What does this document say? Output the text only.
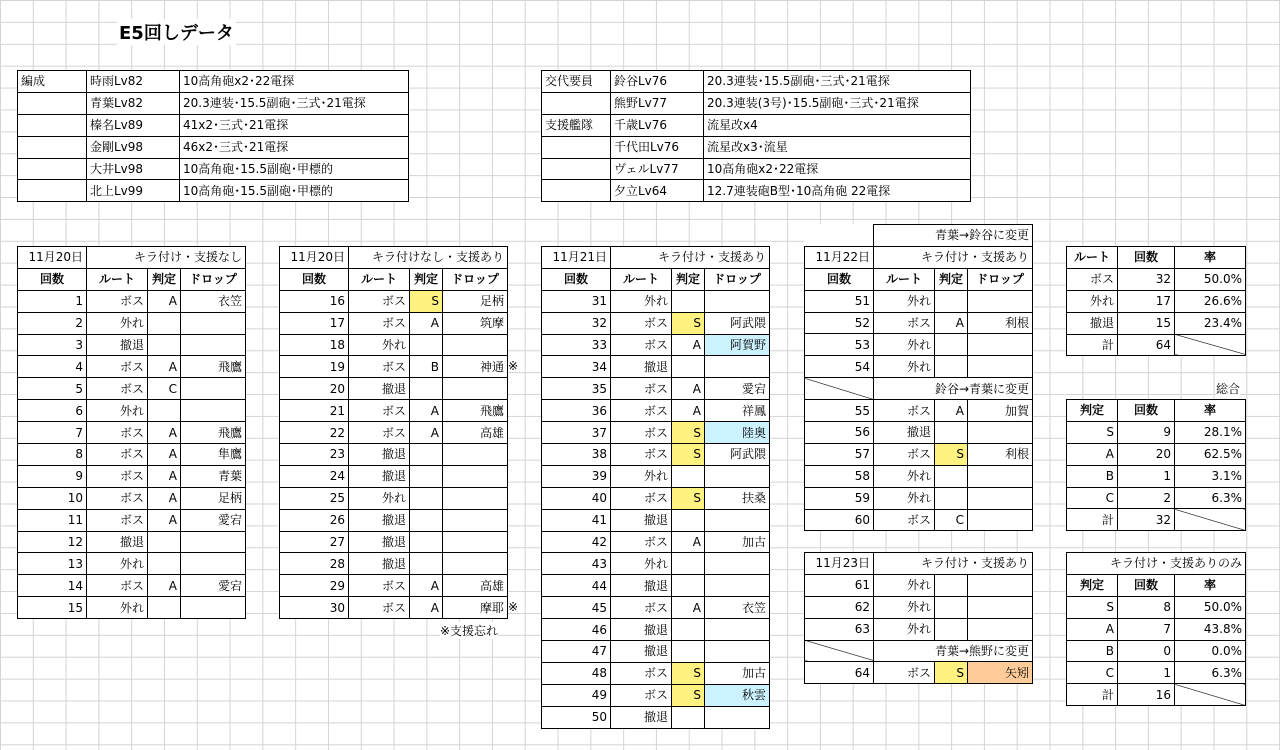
E5回しデータ
編成	時雨Lv82	10高角砲x2･22電探
	青葉Lv82	20.3連装･15.5副砲･三式･21電探
	榛名Lv89	41x2･三式･21電探
	金剛Lv98	46x2･三式･21電探
	大井Lv98	10高角砲･15.5副砲･甲標的
	北上Lv99	10高角砲･15.5副砲･甲標的
交代要員	鈴谷Lv76	20.3連装･15.5副砲･三式･21電探
	熊野Lv77	20.3連装(3号)･15.5副砲･三式･21電探
支援艦隊	千歳Lv76	流星改x4
	千代田Lv76	流星改x3･流星
	ヴェルLv77	10高角砲x2･22電探
	夕立Lv64	12.7連装砲B型･10高角砲 22電探
11月20日	キラ付け・支援なし		
回数	ルート	判定	ドロップ
1	ボス	A	衣笠
2	外れ		
3	撤退		
4	ボス	A	飛鷹
5	ボス	C	
6	外れ		
7	ボス	A	飛鷹
8	ボス	A	隼鷹
9	ボス	A	青葉
10	ボス	A	足柄
11	ボス	A	愛宕
12	撤退		
13	外れ		
14	ボス	A	愛宕
15	外れ		
11月20日	キラ付けなし・支援あり		
回数	ルート	判定	ドロップ
16	ボス	S	足柄
17	ボス	A	筑摩
18	外れ		
19	ボス	B	神通
20	撤退		
21	ボス	A	飛鷹
22	ボス	A	高雄
23	撤退		
24	撤退		
25	外れ		
26	撤退		
27	撤退		
28	撤退		
29	ボス	A	高雄
30	ボス	A	摩耶
※
※
※支援忘れ
11月21日	キラ付け・支援あり		
回数	ルート	判定	ドロップ
31	外れ		
32	ボス	S	阿武隈
33	ボス	A	阿賀野
34	撤退		
35	ボス	A	愛宕
36	ボス	A	祥鳳
37	ボス	S	陸奥
38	ボス	S	阿武隈
39	外れ		
40	ボス	S	扶桑
41	撤退		
42	ボス	A	加古
43	外れ		
44	撤退		
45	ボス	A	衣笠
46	撤退		
47	撤退		
48	ボス	S	加古
49	ボス	S	秋雲
50	撤退		
	青葉→鈴谷に変更		
11月22日	キラ付け・支援あり		
回数	ルート	判定	ドロップ
51	外れ		
52	ボス	A	利根
53	外れ		
54	外れ		
	鈴谷→青葉に変更		
55	ボス	A	加賀
56	撤退		
57	ボス	S	利根
58	外れ		
59	外れ		
60	ボス	C	
11月23日	キラ付け・支援あり		
61	外れ		
62	外れ		
63	外れ		
	青葉→熊野に変更		
64	ボス	S	矢矧
ルート	回数	率
ボス	32	50.0%
外れ	17	26.6%
撤退	15	23.4%
計	64	
総合
判定	回数	率
S	9	28.1%
A	20	62.5%
B	1	3.1%
C	2	6.3%
計	32	
キラ付け・支援ありのみ		
判定	回数	率
S	8	50.0%
A	7	43.8%
B	0	0.0%
C	1	6.3%
計	16	
